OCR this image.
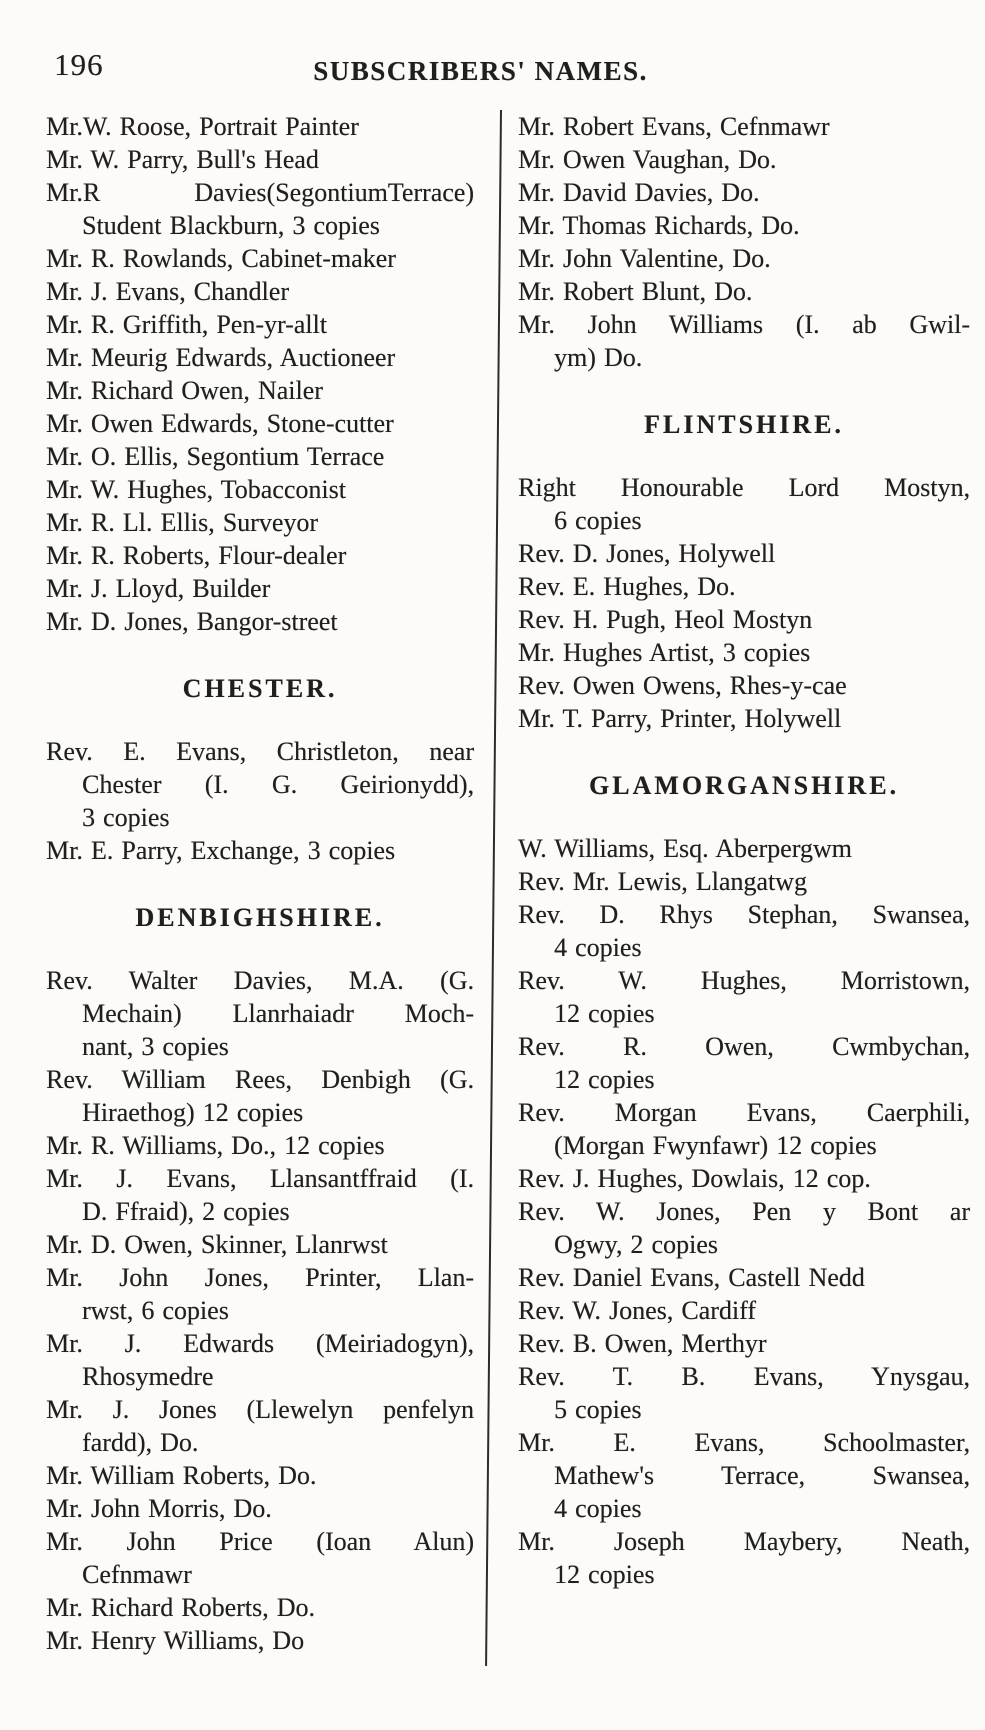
196	SUBSCRIBERS' NAMES.
Mr.W. Roose, Portrait Painter
Mr. W. Parry, Bull's Head
Mr.R Davies(SegontiumTerrace)
Student Blackburn, 3 copies
Mr. R. Rowlands, Cabinet-maker
Mr. J. Evans, Chandler
Mr. R. Griffith, Pen-yr-allt
Mr. Meurig Edwards, Auctioneer
Mr. Richard Owen, Nailer
Mr. Owen Edwards, Stone-cutter
Mr. O. Ellis, Segontium Terrace
Mr. W. Hughes, Tobacconist
Mr. R. Ll. Ellis, Surveyor
Mr. R. Roberts, Flour-dealer
Mr. J. Lloyd, Builder
Mr. D. Jones, Bangor-street
CHESTER.
Rev. E. Evans, Christleton, near
Chester (I. G. Geirionydd),
3 copies
Mr. E. Parry, Exchange, 3 copies
DENBIGHSHIRE.
Rev. Walter Davies, M.A. (G.
Mechain) Llanrhaiadr Moch-
nant, 3 copies
Rev. William Rees, Denbigh (G.
Hiraethog) 12 copies
Mr. R. Williams, Do., 12 copies
Mr. J. Evans, Llansantffraid (I.
D. Ffraid), 2 copies
Mr. D. Owen, Skinner, Llanrwst
Mr. John Jones, Printer, Llan-
rwst, 6 copies
Mr. J. Edwards (Meiriadogyn),
Rhosymedre
Mr. J. Jones (Llewelyn penfelyn
fardd), Do.
Mr. William Roberts, Do.
Mr. John Morris, Do.
Mr. John Price (Ioan Alun)
Cefnmawr
Mr. Richard Roberts, Do.
Mr. Henry Williams, Do
Mr. Robert Evans, Cefnmawr
Mr. Owen Vaughan, Do.
Mr. David Davies, Do.
Mr. Thomas Richards, Do.
Mr. John Valentine, Do.
Mr. Robert Blunt, Do.
Mr. John Williams (I. ab Gwil-
ym) Do.
FLINTSHIRE.
Right Honourable Lord Mostyn,
6 copies
Rev. D. Jones, Holywell
Rev. E. Hughes, Do.
Rev. H. Pugh, Heol Mostyn
Mr. Hughes Artist, 3 copies
Rev. Owen Owens, Rhes-y-cae
Mr. T. Parry, Printer, Holywell
GLAMORGANSHIRE.
W. Williams, Esq. Aberpergwm
Rev. Mr. Lewis, Llangatwg
Rev. D. Rhys Stephan, Swansea,
4 copies
Rev. W. Hughes, Morristown,
12 copies
Rev. R. Owen, Cwmbychan,
12 copies
Rev. Morgan Evans, Caerphili,
(Morgan Fwynfawr) 12 copies
Rev. J. Hughes, Dowlais, 12 cop.
Rev. W. Jones, Pen y Bont ar
Ogwy, 2 copies
Rev. Daniel Evans, Castell Nedd
Rev. W. Jones, Cardiff
Rev. B. Owen, Merthyr
Rev. T. B. Evans, Ynysgau,
5 copies
Mr. E. Evans, Schoolmaster,
Mathew's Terrace, Swansea,
4 copies
Mr. Joseph Maybery, Neath,
12 copies
